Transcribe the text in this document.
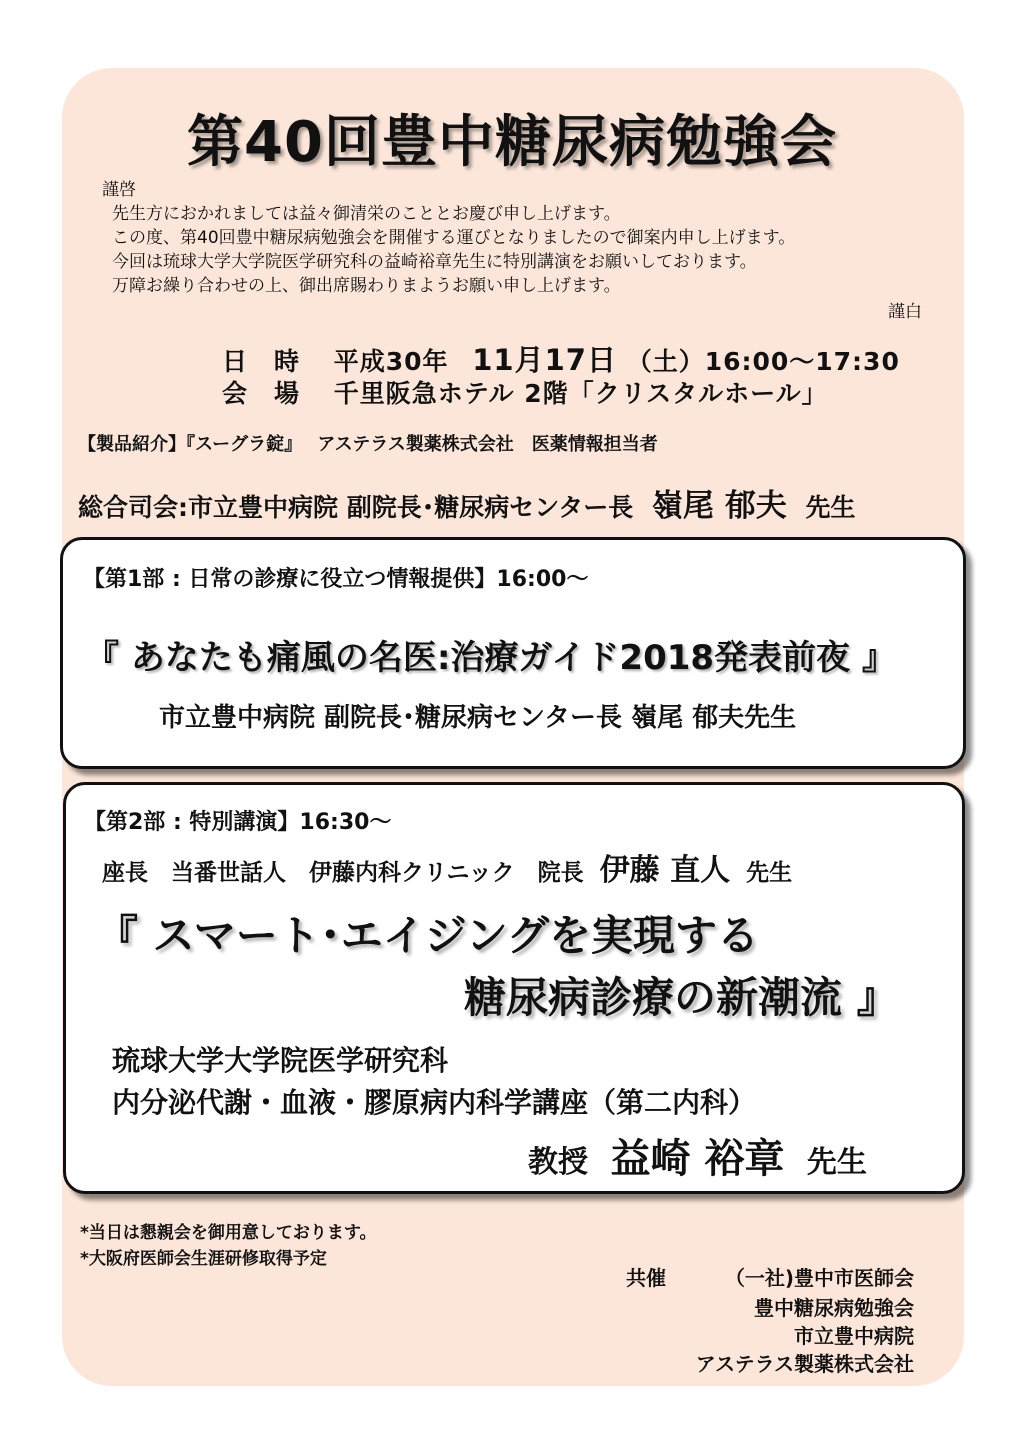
第40回豊中糖尿病勉強会
謹啓
先生方におかれましては益々御清栄のこととお慶び申し上げます。
この度、第40回豊中糖尿病勉強会を開催する運びとなりましたので御案内申し上げます。
今回は琉球大学大学院医学研究科の益崎裕章先生に特別講演をお願いしております。
万障お繰り合わせの上、御出席賜わりまようお願い申し上げます。
謹白
日　時 平成30年 11月17日 （土）16:00〜17:30
会　場 千里阪急ホテル 2階「クリスタルホール」
【製品紹介】『スーグラ錠』　 アステラス製薬株式会社　医薬情報担当者
総合司会:市立豊中病院 副院長･糖尿病センター長 嶺尾 郁夫 先生
【第1部 : 日常の診療に役立つ情報提供】16:00〜
『 あなたも痛風の名医:治療ガイド2018発表前夜 』
市立豊中病院 副院長･糖尿病センター長 嶺尾 郁夫先生
【第2部 : 特別講演】16:30〜
座長　当番世話人　伊藤内科クリニック　院長 伊藤 直人 先生
『 スマート･エイジングを実現する
糖尿病診療の新潮流 』
琉球大学大学院医学研究科
内分泌代謝・血液・膠原病内科学講座（第二内科）
教授 益崎 裕章 先生
*当日は懇親会を御用意しております。
*大阪府医師会生涯研修取得予定
共催	（一社)豊中市医師会
豊中糖尿病勉強会
市立豊中病院
アステラス製薬株式会社
